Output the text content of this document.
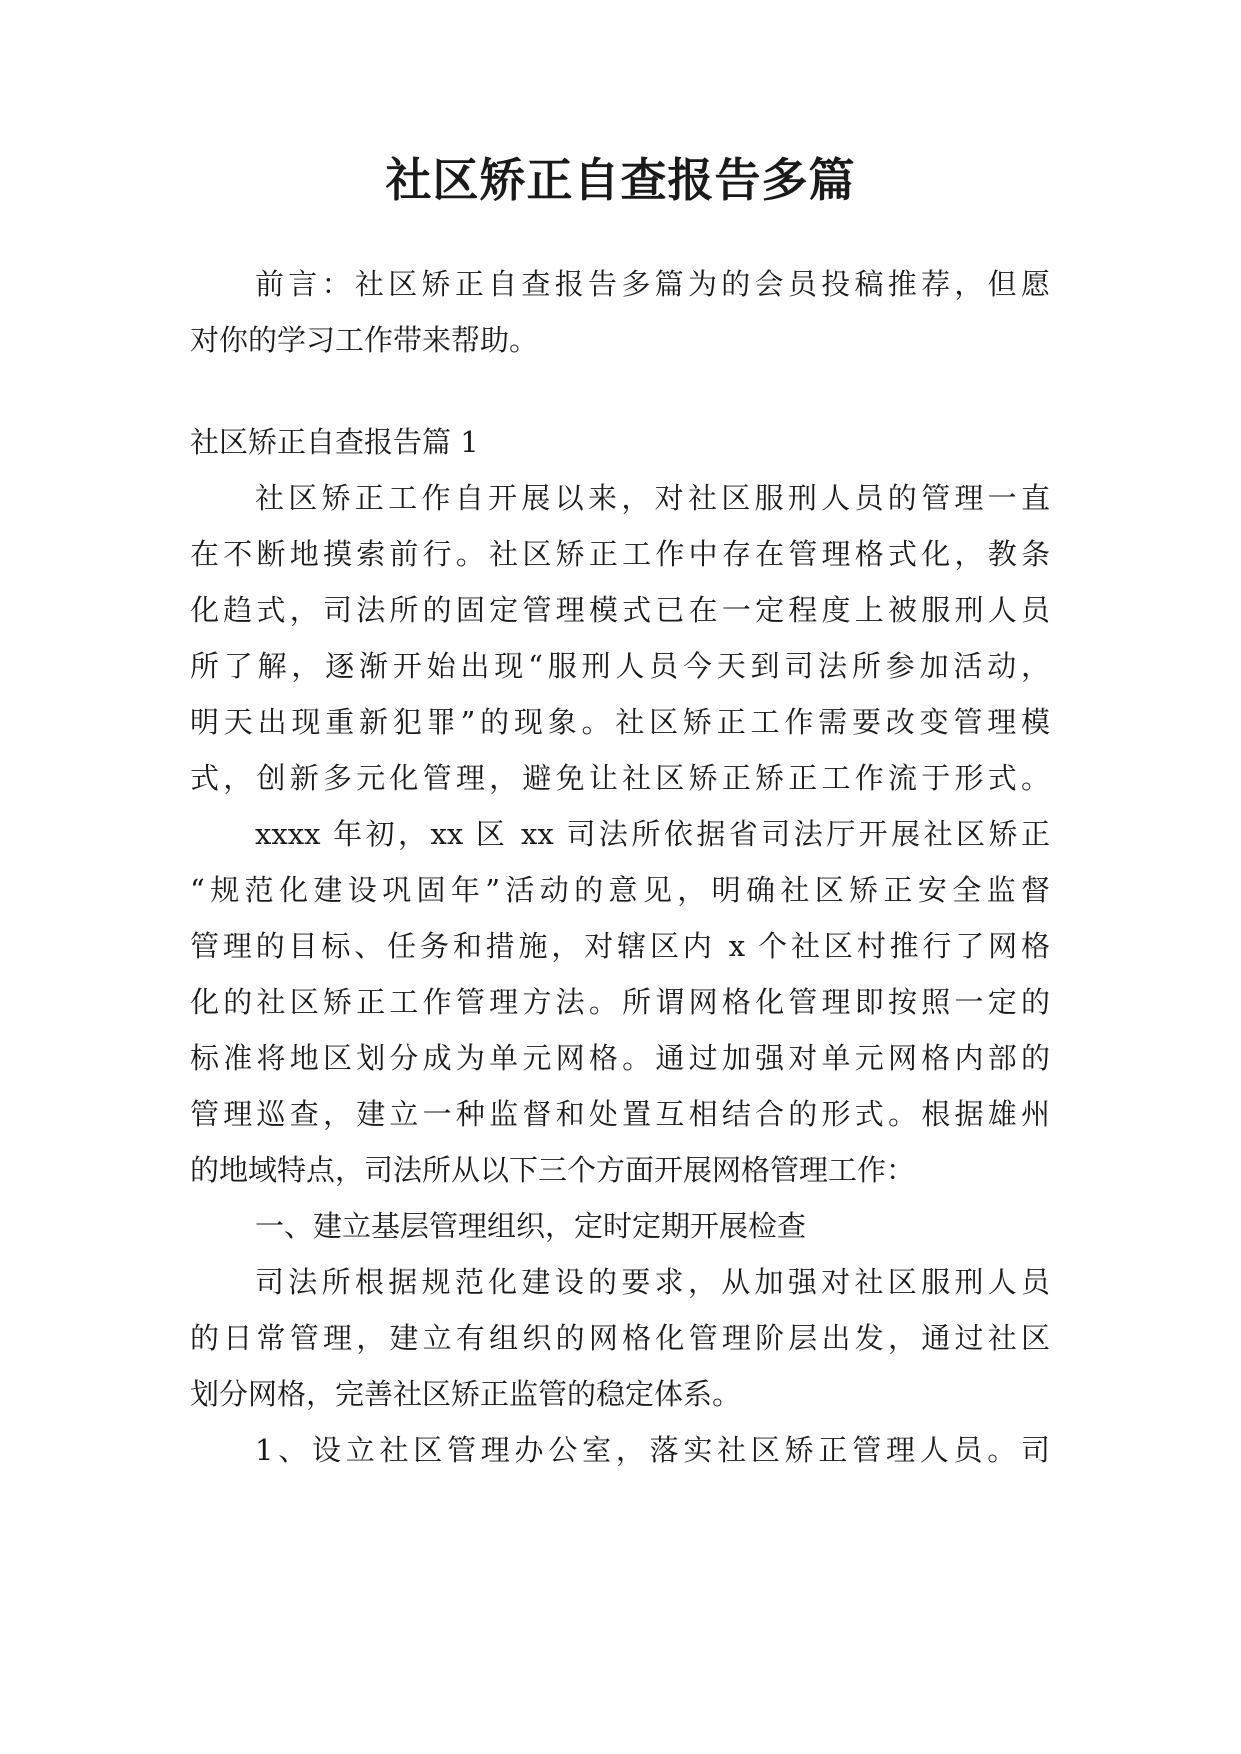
社区矫正自查报告多篇

前言：社区矫正自查报告多篇为的会员投稿推荐，但愿

对你的学习工作带来帮助。

社区矫正自查报告篇 1

社区矫正工作自开展以来，对社区服刑人员的管理一直

在不断地摸索前行。社区矫正工作中存在管理格式化，教条

化趋式，司法所的固定管理模式已在一定程度上被服刑人员

所了解，逐渐开始出现“服刑人员今天到司法所参加活动，

明天出现重新犯罪”的现象。社区矫正工作需要改变管理模

式，创新多元化管理，避免让社区矫正矫正工作流于形式。

xxxx 年初，xx 区 xx 司法所依据省司法厅开展社区矫正

“规范化建设巩固年”活动的意见，明确社区矫正安全监督

管理的目标、任务和措施，对辖区内 x 个社区村推行了网格

化的社区矫正工作管理方法。所谓网格化管理即按照一定的

标准将地区划分成为单元网格。通过加强对单元网格内部的

管理巡查，建立一种监督和处置互相结合的形式。根据雄州

的地域特点，司法所从以下三个方面开展网格管理工作：

一、建立基层管理组织，定时定期开展检查

司法所根据规范化建设的要求，从加强对社区服刑人员

的日常管理，建立有组织的网格化管理阶层出发，通过社区

划分网格，完善社区矫正监管的稳定体系。

1、设立社区管理办公室，落实社区矫正管理人员。司
